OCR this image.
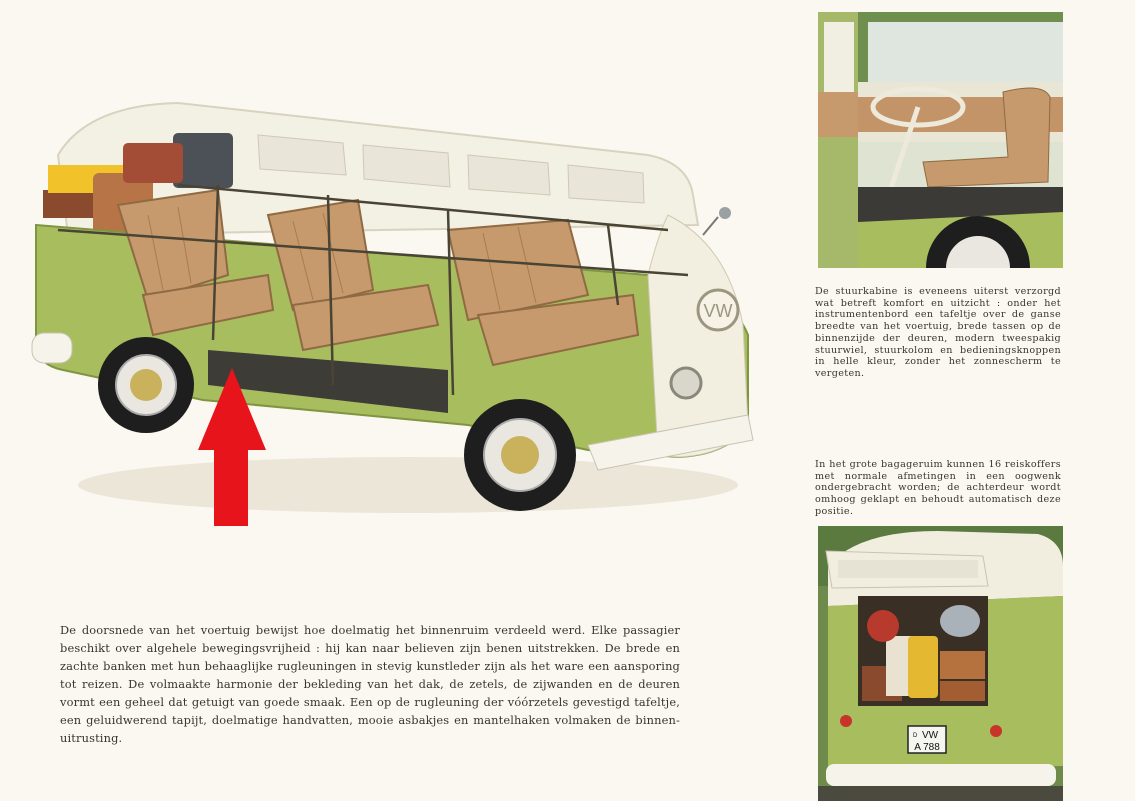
VW

De stuurkabine is eveneens uiterst verzorgd wat betreft komfort en uitzicht : onder het instrumentenbord een tafeltje over de ganse breedte van het voertuig, brede tassen op de binnenzijde der deuren, modern tweespakig stuurwiel, stuurkolom en bedieningsknoppen in helle kleur, zonder het zonnescherm te vergeten.

In het grote bagageruim kunnen 16 reiskoffers met normale afmetingen in een oogwenk ondergebracht worden; de achterdeur wordt omhoog geklapt en behoudt automatisch deze positie.

D VW
A 788

De doorsnede van het voertuig bewijst hoe doelmatig het binnenruim verdeeld werd. Elke passagier beschikt over algehele bewegingsvrijheid : hij kan naar believen zijn benen uitstrekken. De brede en zachte banken met hun behaaglijke rugleuningen in stevig kunstleder zijn als het ware een aansporing tot reizen. De volmaakte harmonie der bekleding van het dak, de zetels, de zijwanden en de deuren vormt een geheel dat getuigt van goede smaak. Een op de rugleuning der vóórzetels gevestigd tafeltje, een geluidwerend tapijt, doelmatige handvatten, mooie asbakjes en mantelhaken volmaken de binnen-uitrusting.
